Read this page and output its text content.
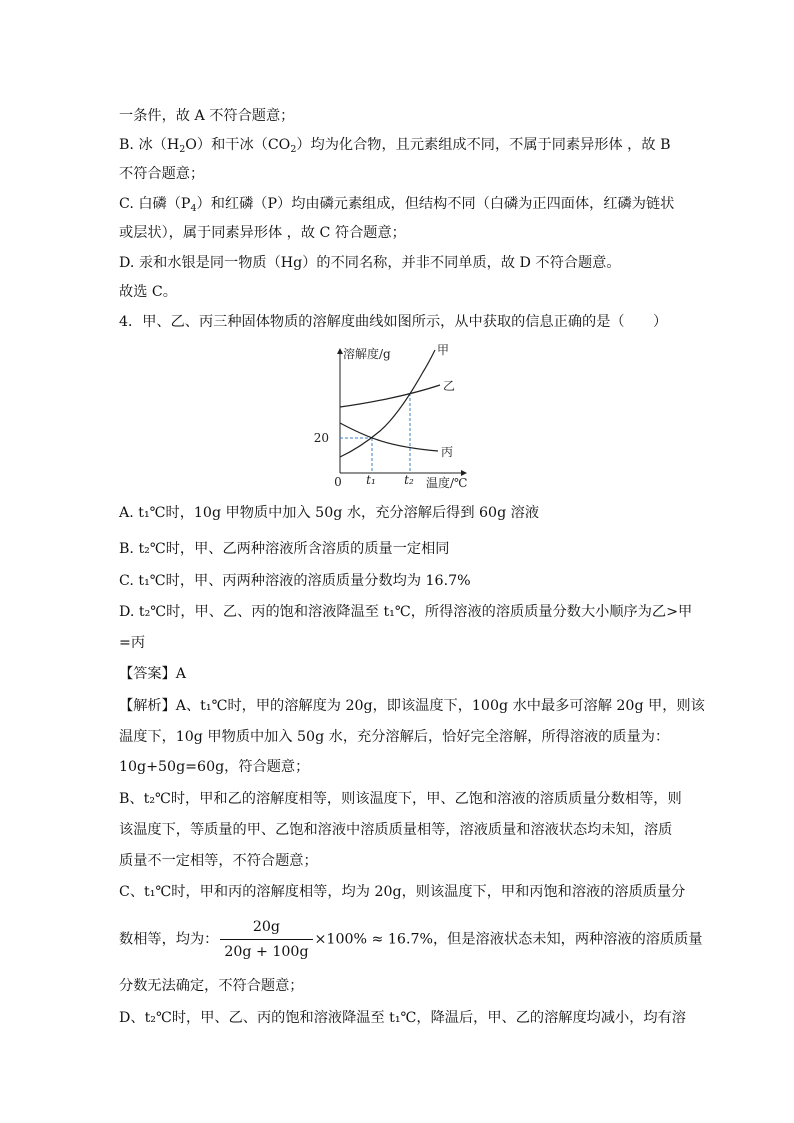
一条件，故 A 不符合题意；
B. 冰$(H_2O)$和干冰$(CO_2)$均为化合物，且元素组成不同，不属于同素异形体 ，故 B
不符合题意；
C. 白磷$(P_4)$和红磷（P）均由磷元素组成，但结构不同（白磷为正四面体，红磷为链状
或层状），属于同素异形体 ，故 C 符合题意；
D. 汞和水银是同一物质（Hg）的不同名称，并非不同单质，故 D 不符合题意。
故选 C。
4．甲、乙、丙三种固体物质的溶解度曲线如图所示，从中获取的信息正确的是（　　）
溶解度/g
温度/℃
0
20
t₁ t₂
甲
乙
丙
A. t₁℃时，10g 甲物质中加入 50g 水，充分溶解后得到 60g 溶液
B. t₂℃时，甲、乙两种溶液所含溶质的质量一定相同
C. t₁℃时，甲、丙两种溶液的溶质质量分数均为 16.7%
D. t₂℃时，甲、乙、丙的饱和溶液降温至 t₁℃，所得溶液的溶质质量分数大小顺序为乙>甲
=丙
【答案】A
【解析】A、t₁℃时，甲的溶解度为 20g，即该温度下，100g 水中最多可溶解 20g 甲，则该
温度下，10g 甲物质中加入 50g 水，充分溶解后，恰好完全溶解，所得溶液的质量为：
10g+50g=60g，符合题意；
B、t₂℃时，甲和乙的溶解度相等，则该温度下，甲、乙饱和溶液的溶质质量分数相等，则
该温度下，等质量的甲、乙饱和溶液中溶质质量相等，溶液质量和溶液状态均未知，溶质
质量不一定相等，不符合题意；
C、t₁℃时，甲和丙的溶解度相等，均为 20g，则该温度下，甲和丙饱和溶液的溶质质量分
数相等，均为： $\frac{20g}{20g + 100g} \times 100\% \approx 16.7\%$，但是溶液状态未知，两种溶液的溶质质量
分数无法确定，不符合题意；
D、t₂℃时，甲、乙、丙的饱和溶液降温至 t₁℃，降温后，甲、乙的溶解度均减小，均有溶
